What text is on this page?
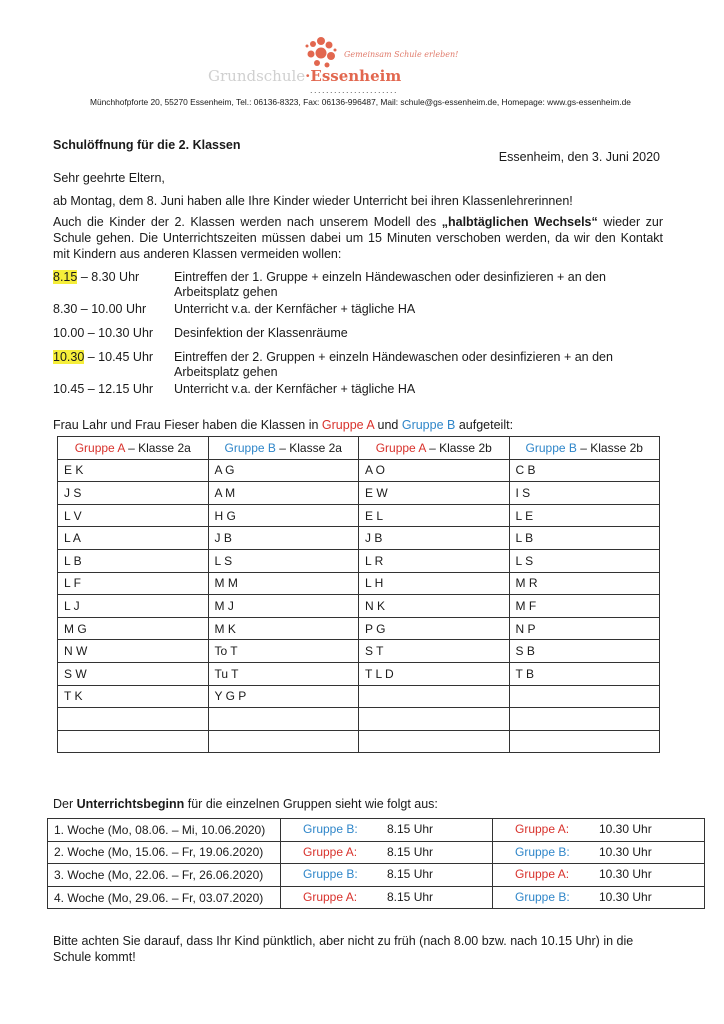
Gemeinsam Schule erleben!
Grundschule·Essenheim
......................
Münchhofpforte 20, 55270 Essenheim, Tel.: 06136-8323, Fax: 06136-996487, Mail: schule@gs-essenheim.de, Homepage: www.gs-essenheim.de
Schulöffnung für die 2. Klassen
Essenheim, den 3. Juni 2020
Sehr geehrte Eltern,
ab Montag, dem 8. Juni haben alle Ihre Kinder wieder Unterricht bei ihren Klassenlehrerinnen!
Auch die Kinder der 2. Klassen werden nach unserem Modell des „halbtäglichen Wechsels“ wieder zur Schule gehen. Die Unterrichtszeiten müssen dabei um 15 Minuten verschoben werden, da wir den Kontakt mit Kindern aus anderen Klassen vermeiden wollen:
8.15 – 8.30 Uhr	Eintreffen der 1. Gruppe + einzeln Händewaschen oder desinfizieren + an den Arbeitsplatz gehen
8.30 – 10.00 Uhr	Unterricht v.a. der Kernfächer + tägliche HA
10.00 – 10.30 Uhr	Desinfektion der Klassenräume
10.30 – 10.45 Uhr	Eintreffen der 2. Gruppen + einzeln Händewaschen oder desinfizieren + an den Arbeitsplatz gehen
10.45 – 12.15 Uhr	Unterricht v.a. der Kernfächer + tägliche HA
Frau Lahr und Frau Fieser haben die Klassen in Gruppe A und Gruppe B aufgeteilt:
Gruppe A – Klasse 2a	Gruppe B – Klasse 2a	Gruppe A – Klasse 2b	Gruppe B – Klasse 2b
E K	A G	A O	C B
J S	A M	E W	I S
L V	H G	E L	L E
L A	J B	J B	L B
L B	L S	L R	L S
L F	M M	L H	M R
L J	M J	N K	M F
M G	M K	P G	N P
N W	To T	S T	S B
S W	Tu T	T L D	T B
T K	Y G P		

Der Unterrichtsbeginn für die einzelnen Gruppen sieht wie folgt aus:
1. Woche (Mo, 08.06. – Mi, 10.06.2020)	Gruppe B: 8.15 Uhr	Gruppe A: 10.30 Uhr

2. Woche (Mo, 15.06. – Fr, 19.06.2020)	Gruppe A: 8.15 Uhr	Gruppe B: 10.30 Uhr

3. Woche (Mo, 22.06. – Fr, 26.06.2020)	Gruppe B: 8.15 Uhr	Gruppe A: 10.30 Uhr

4. Woche (Mo, 29.06. – Fr, 03.07.2020)	Gruppe A: 8.15 Uhr	Gruppe B: 10.30 Uhr
Bitte achten Sie darauf, dass Ihr Kind pünktlich, aber nicht zu früh (nach 8.00 bzw. nach 10.15 Uhr) in die Schule kommt!
